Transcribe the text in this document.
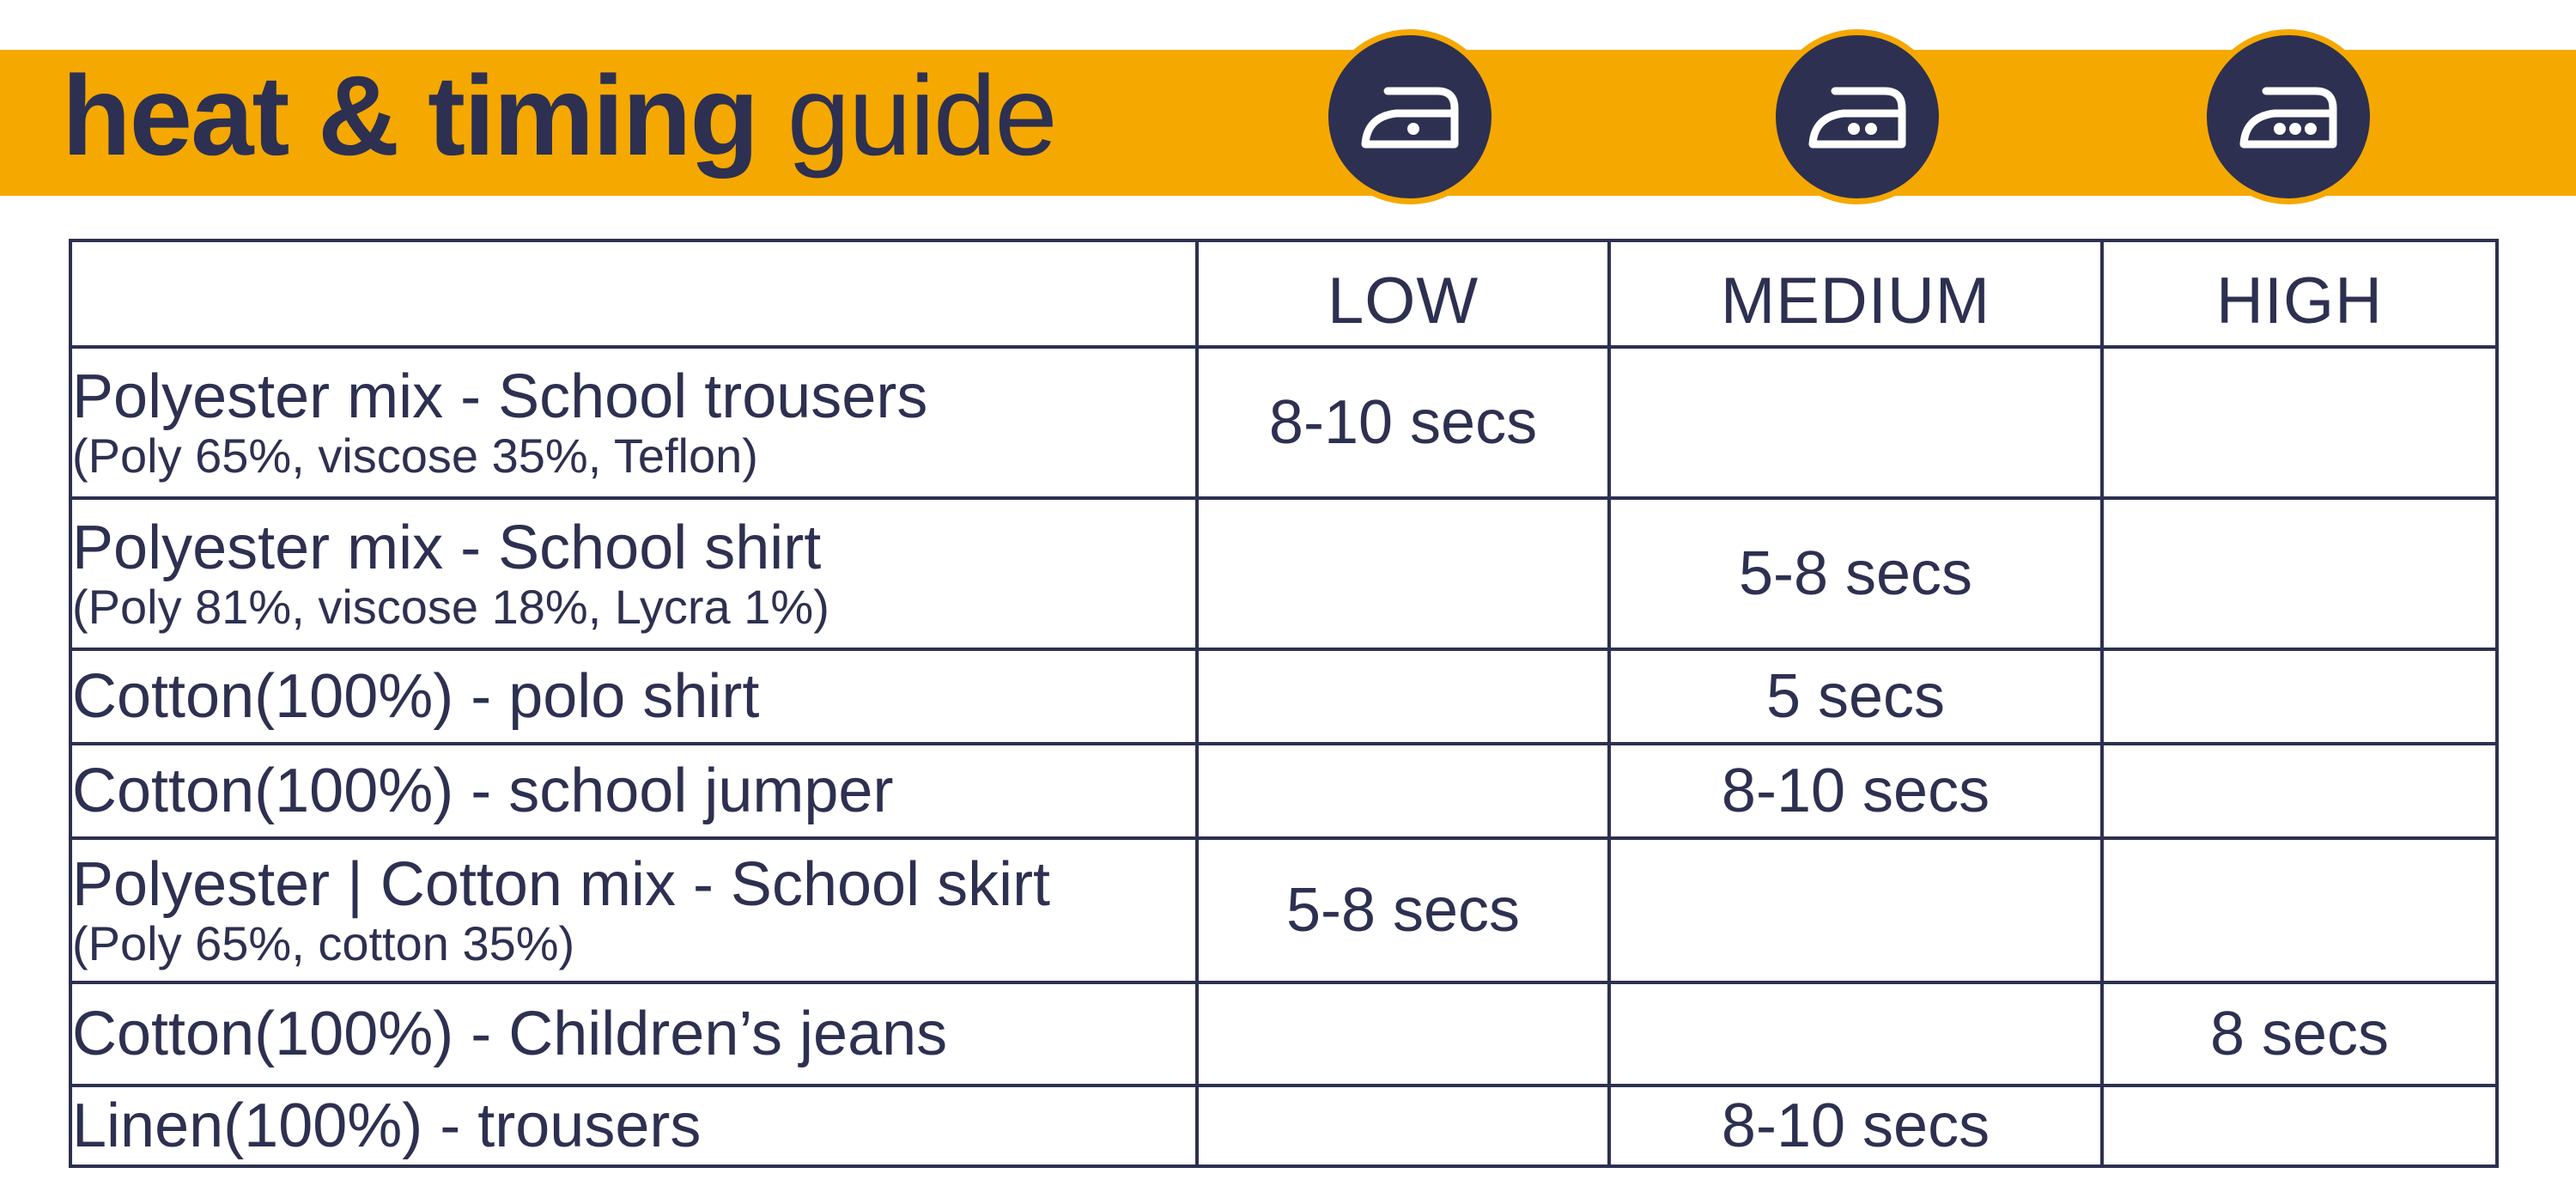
heat & timing guide
	LOW	MEDIUM	HIGH

Polyester mix - School trousers
(Poly 65%, viscose 35%, Teflon)	8-10 secs		

Polyester mix - School shirt
(Poly 81%, viscose 18%, Lycra 1%)		5-8 secs	

Cotton(100%) - polo shirt		5 secs	

Cotton(100%) - school jumper		8-10 secs	

Polyester | Cotton mix - School skirt
(Poly 65%, cotton 35%)	5-8 secs		

Cotton(100%) - Children’s jeans			8 secs

Linen(100%) - trousers		8-10 secs	
